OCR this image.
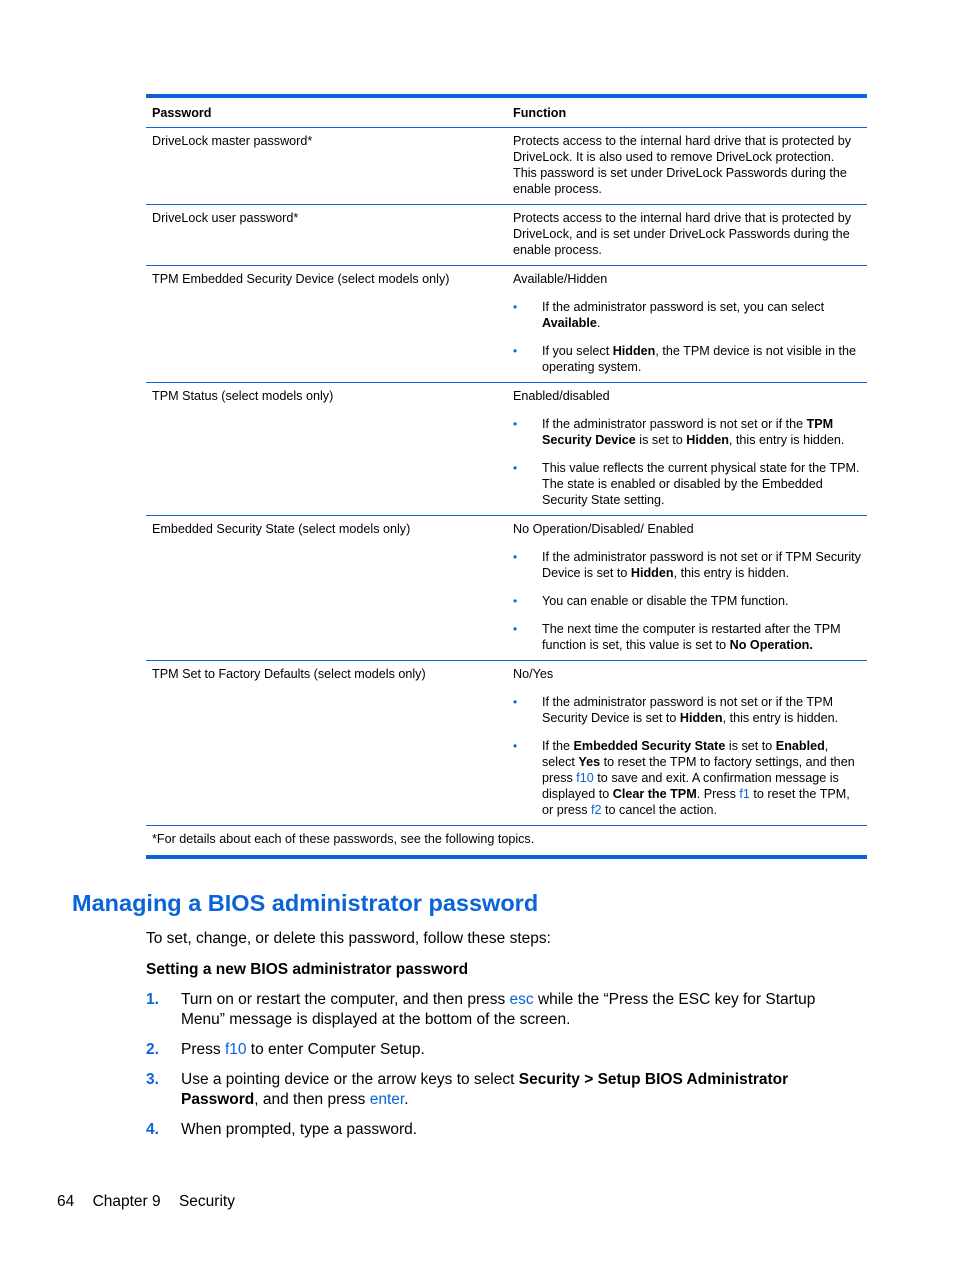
Password	Function
DriveLock master password*	Protects access to the internal hard drive that is protected by DriveLock. It is also used to remove DriveLock protection. This password is set under DriveLock Passwords during the enable process.
DriveLock user password*	Protects access to the internal hard drive that is protected by DriveLock, and is set under DriveLock Passwords during the enable process.
TPM Embedded Security Device (select models only)	Available/Hidden
• If the administrator password is set, you can select Available.
• If you select Hidden, the TPM device is not visible in the operating system.
TPM Status (select models only)	Enabled/disabled
• If the administrator password is not set or if the TPM Security Device is set to Hidden, this entry is hidden.
• This value reflects the current physical state for the TPM. The state is enabled or disabled by the Embedded Security State setting.
Embedded Security State (select models only)	No Operation/Disabled/ Enabled
• If the administrator password is not set or if TPM Security Device is set to Hidden, this entry is hidden.
• You can enable or disable the TPM function.
• The next time the computer is restarted after the TPM function is set, this value is set to No Operation.
TPM Set to Factory Defaults (select models only)	No/Yes
• If the administrator password is not set or if the TPM Security Device is set to Hidden, this entry is hidden.
• If the Embedded Security State is set to Enabled, select Yes to reset the TPM to factory settings, and then press f10 to save and exit. A confirmation message is displayed to Clear the TPM. Press f1 to reset the TPM, or press f2 to cancel the action.
*For details about each of these passwords, see the following topics.
Managing a BIOS administrator password

To set, change, or delete this password, follow these steps:

Setting a new BIOS administrator password

1. Turn on or restart the computer, and then press esc while the “Press the ESC key for Startup Menu” message is displayed at the bottom of the screen.
2. Press f10 to enter Computer Setup.
3. Use a pointing device or the arrow keys to select Security > Setup BIOS Administrator Password, and then press enter.
4. When prompted, type a password.
64 Chapter 9 Security
